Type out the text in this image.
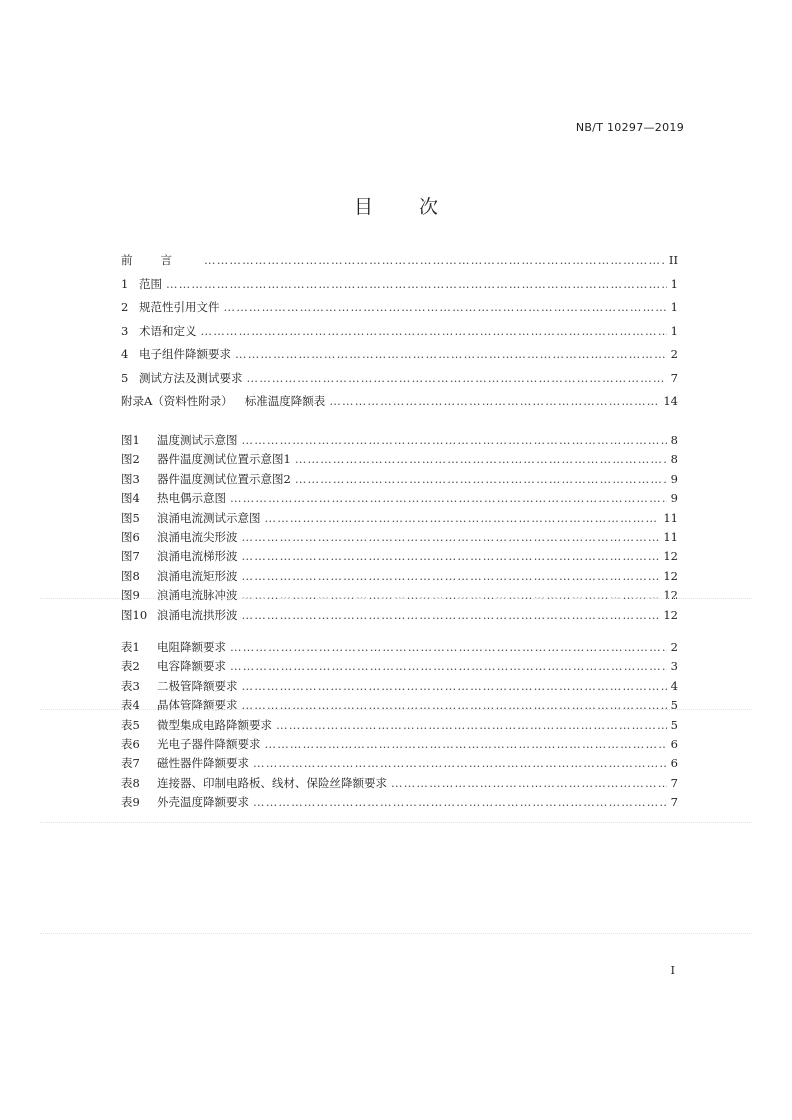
NB/T 10297—2019
目 次
前言 …………………………………………………………………………………………………………………………………………………………………………………………………	II
1 范围 …………………………………………………………………………………………………………………………………………………………………………………………………	1
2 规范性引用文件 …………………………………………………………………………………………………………………………………………………………………………………………………	1
3 术语和定义 …………………………………………………………………………………………………………………………………………………………………………………………………	1
4 电子组件降额要求 …………………………………………………………………………………………………………………………………………………………………………………………………	2
5 测试方法及测试要求 …………………………………………………………………………………………………………………………………………………………………………………………………	7
附录A（资料性附录） 标准温度降额表 …………………………………………………………………………………………………………………………………………………………………………………………………	14
图1 温度测试示意图 …………………………………………………………………………………………………………………………………………………………………………………………………	8
图2 器件温度测试位置示意图1 …………………………………………………………………………………………………………………………………………………………………………………………………	8
图3 器件温度测试位置示意图2 …………………………………………………………………………………………………………………………………………………………………………………………………	9
图4 热电偶示意图 …………………………………………………………………………………………………………………………………………………………………………………………………	9
图5 浪涌电流测试示意图 …………………………………………………………………………………………………………………………………………………………………………………………………	11
图6 浪涌电流尖形波 …………………………………………………………………………………………………………………………………………………………………………………………………	11
图7 浪涌电流梯形波 …………………………………………………………………………………………………………………………………………………………………………………………………	12
图8 浪涌电流矩形波 …………………………………………………………………………………………………………………………………………………………………………………………………	12
图9 浪涌电流脉冲波 …………………………………………………………………………………………………………………………………………………………………………………………………	12
图10 浪涌电流拱形波 …………………………………………………………………………………………………………………………………………………………………………………………………	12
表1 电阻降额要求 …………………………………………………………………………………………………………………………………………………………………………………………………	2
表2 电容降额要求 …………………………………………………………………………………………………………………………………………………………………………………………………	3
表3 二极管降额要求 …………………………………………………………………………………………………………………………………………………………………………………………………	4
表4 晶体管降额要求 …………………………………………………………………………………………………………………………………………………………………………………………………	5
表5 微型集成电路降额要求 …………………………………………………………………………………………………………………………………………………………………………………………………	5
表6 光电子器件降额要求 …………………………………………………………………………………………………………………………………………………………………………………………………	6
表7 磁性器件降额要求 …………………………………………………………………………………………………………………………………………………………………………………………………	6
表8 连接器、印制电路板、线材、保险丝降额要求 …………………………………………………………………………………………………………………………………………………………………………………………………	7
表9 外壳温度降额要求 …………………………………………………………………………………………………………………………………………………………………………………………………	7
I
